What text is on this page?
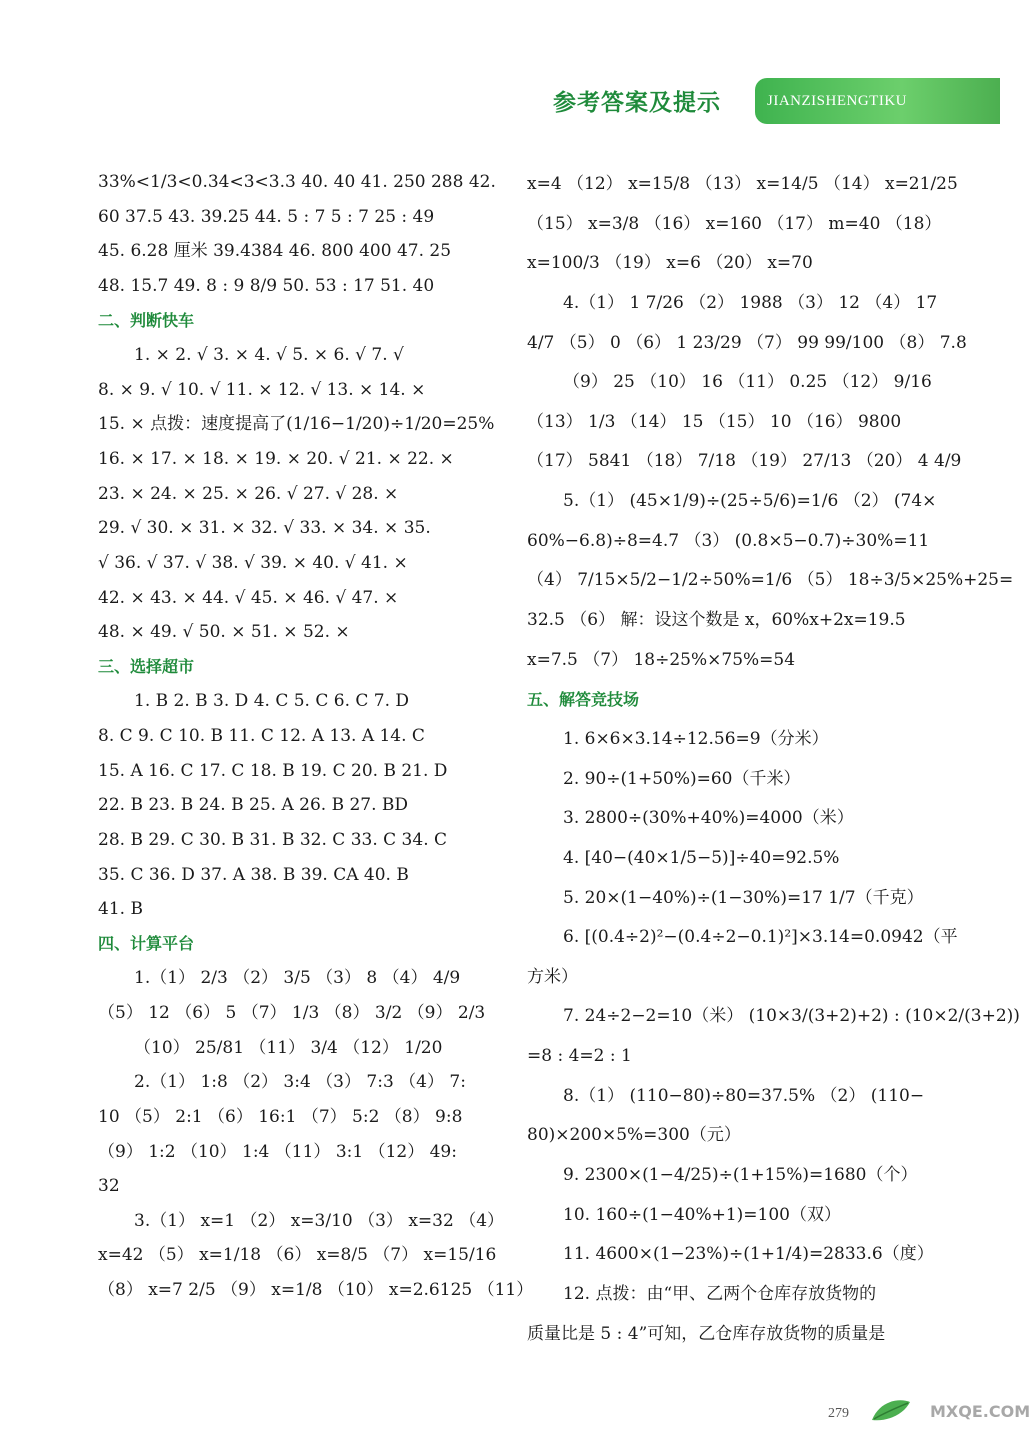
参考答案及提示	JIANZISHENGTIKU
33%<1/3<0.34<3<3.3 40. 40 41. 250 288 42.
60 37.5 43. 39.25 44. 5 : 7 5 : 7 25 : 49
45. 6.28 厘米 39.4384 46. 800 400 47. 25
48. 15.7 49. 8 : 9 8/9 50. 53 : 17 51. 40
二、判断快车
1. × 2. √ 3. × 4. √ 5. × 6. √ 7. √
8. × 9. √ 10. √ 11. × 12. √ 13. × 14. ×
15. × 点拨：速度提高了(1/16−1/20)÷1/20=25%
16. × 17. × 18. × 19. × 20. √ 21. × 22. ×
23. × 24. × 25. × 26. √ 27. √ 28. ×
29. √ 30. × 31. × 32. √ 33. × 34. × 35.
√ 36. √ 37. √ 38. √ 39. × 40. √ 41. ×
42. × 43. × 44. √ 45. × 46. √ 47. ×
48. × 49. √ 50. × 51. × 52. ×
三、选择超市
1. B 2. B 3. D 4. C 5. C 6. C 7. D
8. C 9. C 10. B 11. C 12. A 13. A 14. C
15. A 16. C 17. C 18. B 19. C 20. B 21. D
22. B 23. B 24. B 25. A 26. B 27. BD
28. B 29. C 30. B 31. B 32. C 33. C 34. C
35. C 36. D 37. A 38. B 39. CA 40. B
41. B
四、计算平台
1.（1） 2/3 （2） 3/5 （3） 8 （4） 4/9
（5） 12 （6） 5 （7） 1/3 （8） 3/2 （9） 2/3
（10） 25/81 （11） 3/4 （12） 1/20
2.（1） 1:8 （2） 3:4 （3） 7:3 （4） 7:
10 （5） 2:1 （6） 16:1 （7） 5:2 （8） 9:8
（9） 1:2 （10） 1:4 （11） 3:1 （12） 49:
32
3.（1） x=1 （2） x=3/10 （3） x=32 （4）
x=42 （5） x=1/18 （6） x=8/5 （7） x=15/16
（8） x=7 2/5 （9） x=1/8 （10） x=2.6125 （11）
x=4 （12） x=15/8 （13） x=14/5 （14） x=21/25
（15） x=3/8 （16） x=160 （17） m=40 （18）
x=100/3 （19） x=6 （20） x=70
4.（1） 1 7/26 （2） 1988 （3） 12 （4） 17
4/7 （5） 0 （6） 1 23/29 （7） 99 99/100 （8） 7.8
（9） 25 （10） 16 （11） 0.25 （12） 9/16
（13） 1/3 （14） 15 （15） 10 （16） 9800
（17） 5841 （18） 7/18 （19） 27/13 （20） 4 4/9
5.（1） (45×1/9)÷(25÷5/6)=1/6 （2） (74×
60%−6.8)÷8=4.7 （3） (0.8×5−0.7)÷30%=11
（4） 7/15×5/2−1/2÷50%=1/6 （5） 18÷3/5×25%+25=
32.5 （6） 解：设这个数是 x，60%x+2x=19.5
x=7.5 （7） 18÷25%×75%=54
五、解答竞技场
1. 6×6×3.14÷12.56=9（分米）
2. 90÷(1+50%)=60（千米）
3. 2800÷(30%+40%)=4000（米）
4. [40−(40×1/5−5)]÷40=92.5%
5. 20×(1−40%)÷(1−30%)=17 1/7（千克）
6. [(0.4÷2)²−(0.4÷2−0.1)²]×3.14=0.0942（平
方米）
7. 24÷2−2=10（米） (10×3/(3+2)+2) : (10×2/(3+2))
=8 : 4=2 : 1
8.（1） (110−80)÷80=37.5% （2） (110−
80)×200×5%=300（元）
9. 2300×(1−4/25)÷(1+15%)=1680（个）
10. 160÷(1−40%+1)=100（双）
11. 4600×(1−23%)÷(1+1/4)=2833.6（度）
12. 点拨：由“甲、乙两个仓库存放货物的
质量比是 5 : 4”可知，乙仓库存放货物的质量是
279	MXQE.COM
